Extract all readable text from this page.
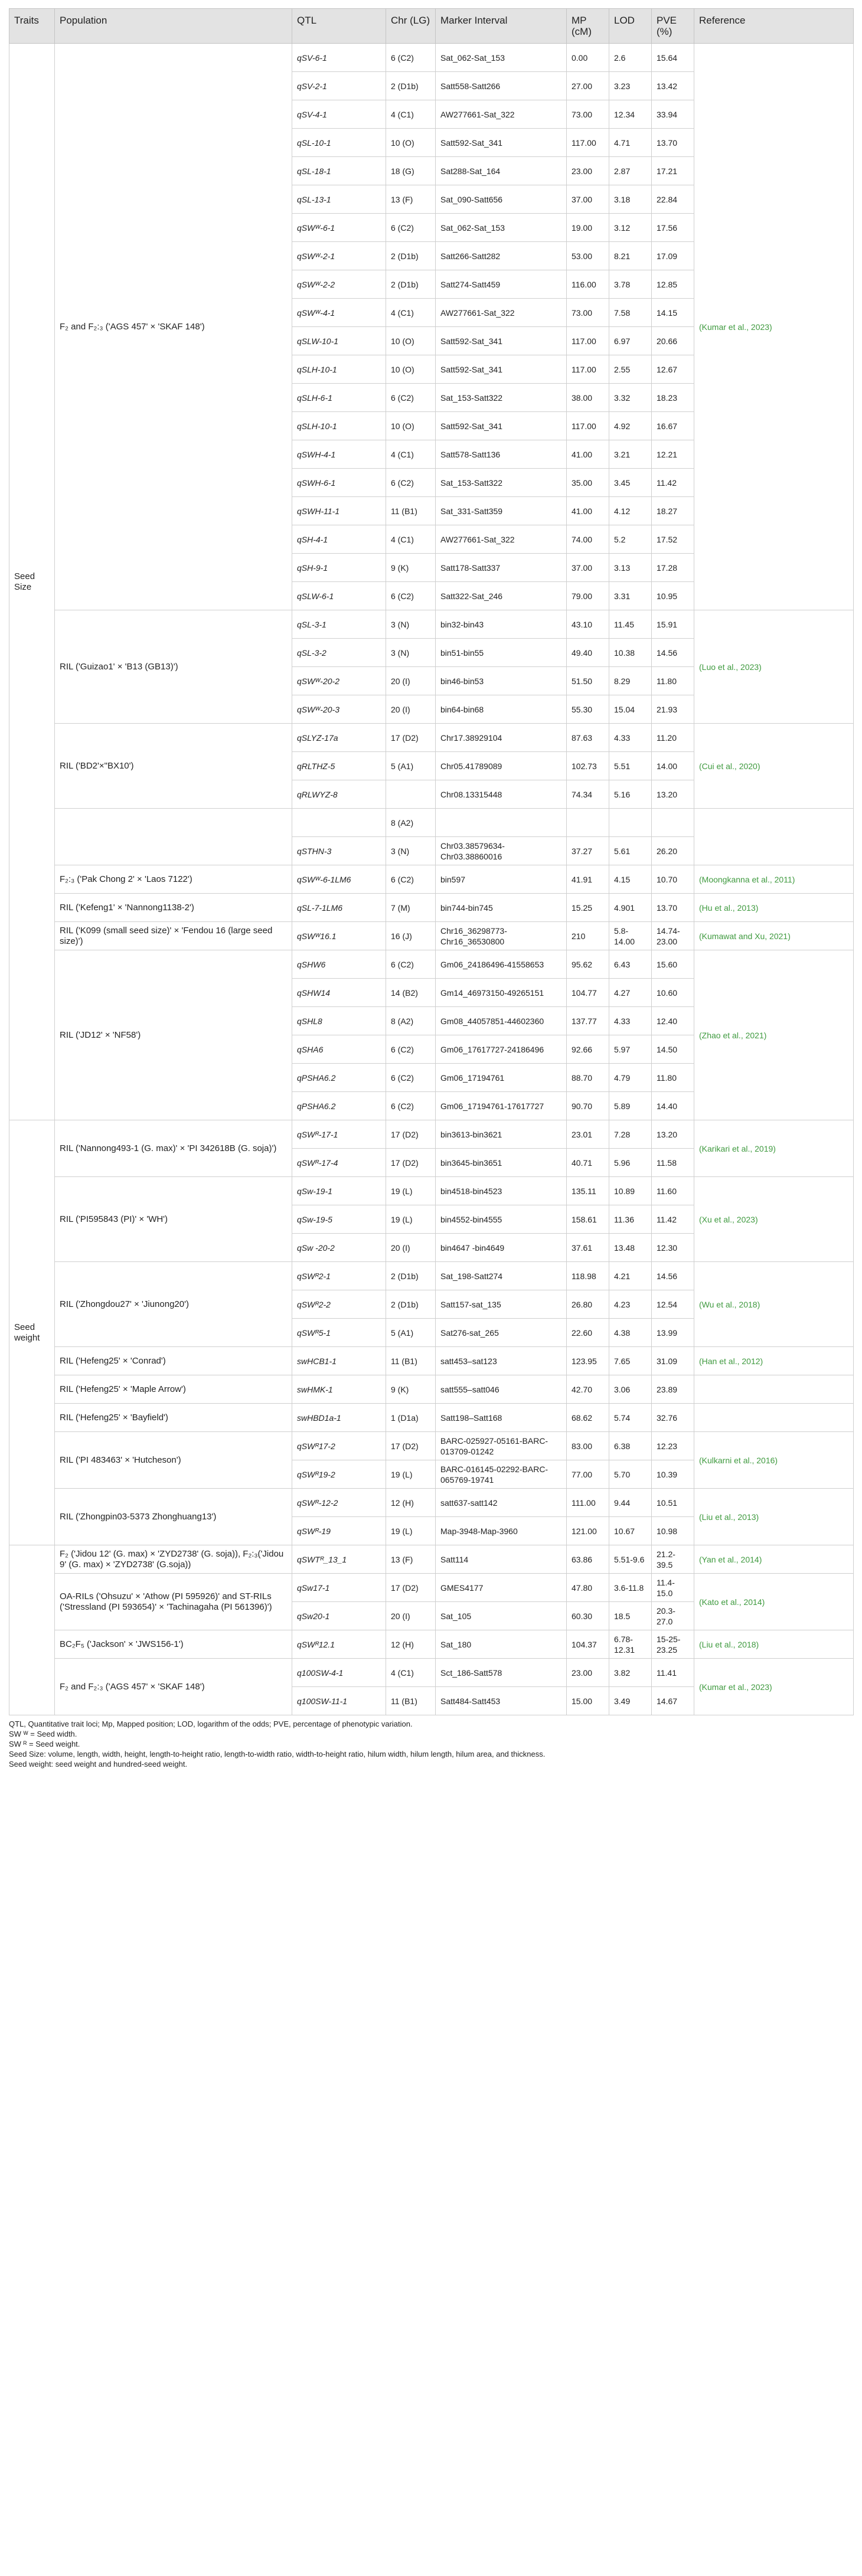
Traits	Population	QTL	Chr (LG)	Marker Interval	MP (cM)	LOD	PVE (%)	Reference
Seed Size	F₂ and F₂:₃ ('AGS 457' × 'SKAF 148')	qSV-6-1	6 (C2)	Sat_062-Sat_153	0.00	2.6	15.64	(Kumar et al., 2023)
		qSV-2-1	2 (D1b)	Satt558-Satt266	27.00	3.23	13.42	
		qSV-4-1	4 (C1)	AW277661-Sat_322	73.00	12.34	33.94	
		qSL-10-1	10 (O)	Satt592-Sat_341	117.00	4.71	13.70	
		qSL-18-1	18 (G)	Sat288-Sat_164	23.00	2.87	17.21	
		qSL-13-1	13 (F)	Sat_090-Satt656	37.00	3.18	22.84	
		qSWᵂ-6-1	6 (C2)	Sat_062-Sat_153	19.00	3.12	17.56	
		qSWᵂ-2-1	2 (D1b)	Satt266-Satt282	53.00	8.21	17.09	
		qSWᵂ-2-2	2 (D1b)	Satt274-Satt459	116.00	3.78	12.85	
		qSWᵂ-4-1	4 (C1)	AW277661-Sat_322	73.00	7.58	14.15	
		qSLW-10-1	10 (O)	Satt592-Sat_341	117.00	6.97	20.66	
		qSLH-10-1	10 (O)	Satt592-Sat_341	117.00	2.55	12.67	
		qSLH-6-1	6 (C2)	Sat_153-Satt322	38.00	3.32	18.23	
		qSLH-10-1	10 (O)	Satt592-Sat_341	117.00	4.92	16.67	
		qSWH-4-1	4 (C1)	Satt578-Satt136	41.00	3.21	12.21	
		qSWH-6-1	6 (C2)	Sat_153-Satt322	35.00	3.45	11.42	
		qSWH-11-1	11 (B1)	Sat_331-Satt359	41.00	4.12	18.27	
		qSH-4-1	4 (C1)	AW277661-Sat_322	74.00	5.2	17.52	
		qSH-9-1	9 (K)	Satt178-Satt337	37.00	3.13	17.28	
		qSLW-6-1	6 (C2)	Satt322-Sat_246	79.00	3.31	10.95	
	RIL ('Guizao1' × 'B13 (GB13)')	qSL-3-1	3 (N)	bin32-bin43	43.10	11.45	15.91	(Luo et al., 2023)
		qSL-3-2	3 (N)	bin51-bin55	49.40	10.38	14.56	
		qSWᵂ-20-2	20 (I)	bin46-bin53	51.50	8.29	11.80	
		qSWᵂ-20-3	20 (I)	bin64-bin68	55.30	15.04	21.93	
	RIL ('BD2'×"BX10')	qSLYZ-17a	17 (D2)	Chr17.38929104	87.63	4.33	11.20	(Cui et al., 2020)
		qRLTHZ-5	5 (A1)	Chr05.41789089	102.73	5.51	14.00	
		qRLWYZ-8		Chr08.13315448	74.34	5.16	13.20	
			8 (A2)					
		qSTHN-3	3 (N)	Chr03.38579634-Chr03.38860016	37.27	5.61	26.20	
	F₂:₃ ('Pak Chong 2' × 'Laos 7122')	qSWᵂ-6-1LM6	6 (C2)	bin597	41.91	4.15	10.70	(Moongkanna et al., 2011)
	RIL ('Kefeng1' × 'Nannong1138-2')	qSL-7-1LM6	7 (M)	bin744-bin745	15.25	4.901	13.70	(Hu et al., 2013)
	RIL ('K099 (small seed size)' × 'Fendou 16 (large seed size)')	qSWᵂ16.1	16 (J)	Chr16_36298773-Chr16_36530800	210	5.8-14.00	14.74-23.00	(Kumawat and Xu, 2021)
	RIL ('JD12' × 'NF58')	qSHW6	6 (C2)	Gm06_24186496-41558653	95.62	6.43	15.60	(Zhao et al., 2021)
		qSHW14	14 (B2)	Gm14_46973150-49265151	104.77	4.27	10.60	
		qSHL8	8 (A2)	Gm08_44057851-44602360	137.77	4.33	12.40	
		qSHA6	6 (C2)	Gm06_17617727-24186496	92.66	5.97	14.50	
		qPSHA6.2	6 (C2)	Gm06_17194761	88.70	4.79	11.80	
		qPSHA6.2	6 (C2)	Gm06_17194761-17617727	90.70	5.89	14.40	
Seed weight	RIL ('Nannong493-1 (G. max)' × 'PI 342618B (G. soja)')	qSWᴿ-17-1	17 (D2)	bin3613-bin3621	23.01	7.28	13.20	(Karikari et al., 2019)
		qSWᴿ-17-4	17 (D2)	bin3645-bin3651	40.71	5.96	11.58	
	RIL ('PI595843 (PI)' × 'WH')	qSw-19-1	19 (L)	bin4518-bin4523	135.11	10.89	11.60	(Xu et al., 2023)
		qSw-19-5	19 (L)	bin4552-bin4555	158.61	11.36	11.42	
		qSw -20-2	20 (I)	bin4647 -bin4649	37.61	13.48	12.30	
	RIL ('Zhongdou27' × 'Jiunong20')	qSWᴿ2-1	2 (D1b)	Sat_198-Satt274	118.98	4.21	14.56	(Wu et al., 2018)
		qSWᴿ2-2	2 (D1b)	Satt157-sat_135	26.80	4.23	12.54	
		qSWᴿ5-1	5 (A1)	Sat276-sat_265	22.60	4.38	13.99	
	RIL ('Hefeng25' × 'Conrad')	swHCB1-1	11 (B1)	satt453–sat123	123.95	7.65	31.09	(Han et al., 2012)
	RIL ('Hefeng25' × 'Maple Arrow')	swHMK-1	9 (K)	satt555–satt046	42.70	3.06	23.89	
	RIL ('Hefeng25' × 'Bayfield')	swHBD1a-1	1 (D1a)	Satt198–Satt168	68.62	5.74	32.76	
	RIL ('PI 483463' × 'Hutcheson')	qSWᴿ17-2	17 (D2)	BARC-025927-05161-BARC-013709-01242	83.00	6.38	12.23	(Kulkarni et al., 2016)
		qSWᴿ19-2	19 (L)	BARC-016145-02292-BARC-065769-19741	77.00	5.70	10.39	
	RIL ('Zhongpin03-5373 Zhonghuang13')	qSWᴿ-12-2	12 (H)	satt637-satt142	111.00	9.44	10.51	(Liu et al., 2013)
		qSWᴿ-19	19 (L)	Map-3948-Map-3960	121.00	10.67	10.98	
	F₂ ('Jidou 12' (G. max) × 'ZYD2738' (G. soja)), F₂:₃('Jidou 9' (G. max) × 'ZYD2738' (G.soja))	qSWTᴿ_13_1	13 (F)	Satt114	63.86	5.51-9.6	21.2-39.5	(Yan et al., 2014)
	OA-RILs ('Ohsuzu' × 'Athow (PI 595926)' and ST-RILs ('Stressland (PI 593654)' × 'Tachinagaha (PI 561396)')	qSw17-1	17 (D2)	GMES4177	47.80	3.6-11.8	11.4-15.0	(Kato et al., 2014)
		qSw20-1	20 (I)	Sat_105	60.30	18.5	20.3-27.0	
	BC₂F₅ ('Jackson' × 'JWS156-1')	qSWᴿ12.1	12 (H)	Sat_180	104.37	6.78-12.31	15-25-23.25	(Liu et al., 2018)
	F₂ and F₂:₃ ('AGS 457' × 'SKAF 148')	q100SW-4-1	4 (C1)	Sct_186-Satt578	23.00	3.82	11.41	(Kumar et al., 2023)
		q100SW-11-1	11 (B1)	Satt484-Satt453	15.00	3.49	14.67	
QTL, Quantitative trait loci; Mp, Mapped position; LOD, logarithm of the odds; PVE, percentage of phenotypic variation.
SW ᵂ = Seed width.
SW ᴿ = Seed weight.
Seed Size: volume, length, width, height, length-to-height ratio, length-to-width ratio, width-to-height ratio, hilum width, hilum length, hilum area, and thickness.
Seed weight: seed weight and hundred-seed weight.
